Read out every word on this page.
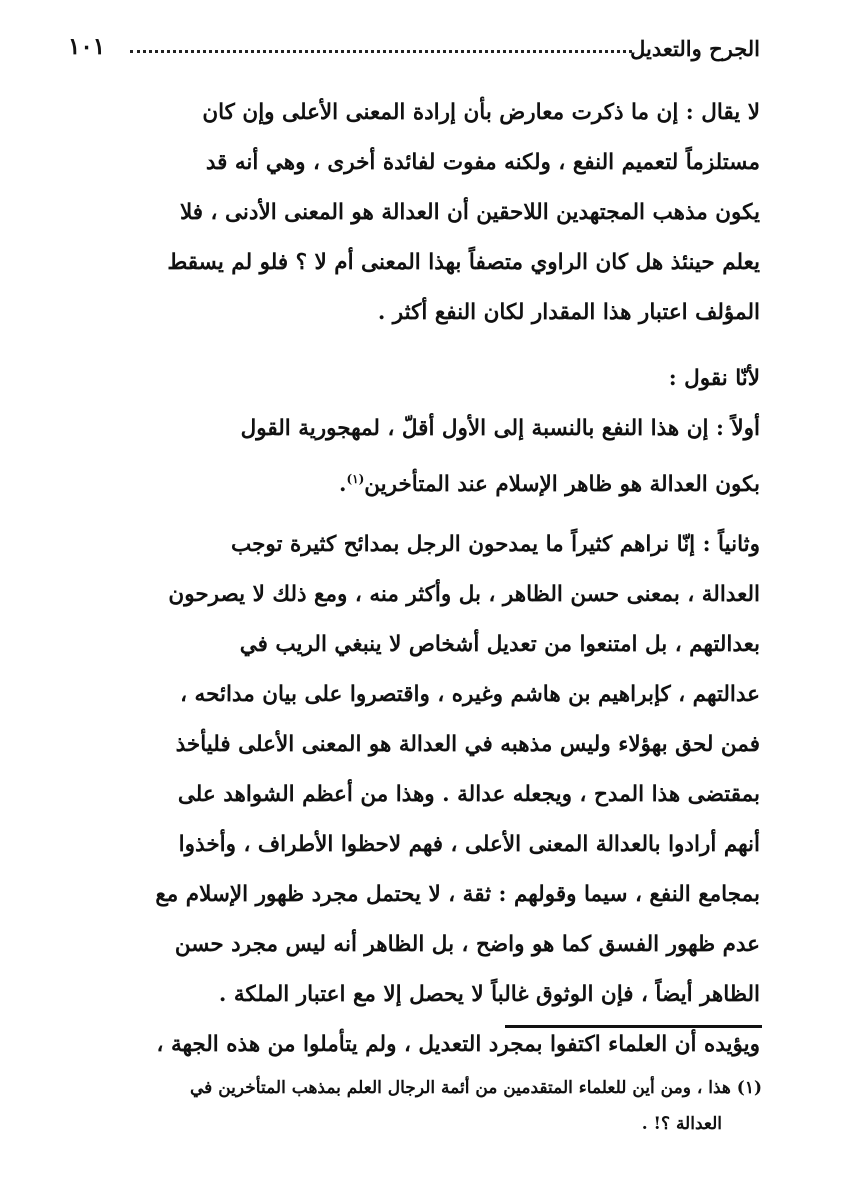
الجرح والتعديل
١٠١
لا يقال : إن ما ذكرت معارض بأن إرادة المعنى الأعلى وإن كان
مستلزماً لتعميم النفع ، ولكنه مفوت لفائدة أخرى ، وهي أنه قد
يكون مذهب المجتهدين اللاحقين أن العدالة هو المعنى الأدنى ، فلا
يعلم حينئذ هل كان الراوي متصفاً بهذا المعنى أم لا ؟ فلو لم يسقط
المؤلف اعتبار هذا المقدار لكان النفع أكثر .
لأنّا نقول :
أولاً : إن هذا النفع بالنسبة إلى الأول أقلّ ، لمهجورية القول
بكون العدالة هو ظاهر الإسلام عند المتأخرين$^{(١)}$.
وثانياً : إنّا نراهم كثيراً ما يمدحون الرجل بمدائح كثيرة توجب
العدالة ، بمعنى حسن الظاهر ، بل وأكثر منه ، ومع ذلك لا يصرحون
بعدالتهم ، بل امتنعوا من تعديل أشخاص لا ينبغي الريب في
عدالتهم ، كإبراهيم بن هاشم وغيره ، واقتصروا على بيان مدائحه ،
فمن لحق بهؤلاء وليس مذهبه في العدالة هو المعنى الأعلى فليأخذ
بمقتضى هذا المدح ، ويجعله عدالة . وهذا من أعظم الشواهد على
أنهم أرادوا بالعدالة المعنى الأعلى ، فهم لاحظوا الأطراف ، وأخذوا
بمجامع النفع ، سيما وقولهم : ثقة ، لا يحتمل مجرد ظهور الإسلام مع
عدم ظهور الفسق كما هو واضح ، بل الظاهر أنه ليس مجرد حسن
الظاهر أيضاً ، فإن الوثوق غالباً لا يحصل إلا مع اعتبار الملكة .
ويؤيده أن العلماء اكتفوا بمجرد التعديل ، ولم يتأملوا من هذه الجهة ،
(١) هذا ، ومن أين للعلماء المتقدمين من أئمة الرجال العلم بمذهب المتأخرين في
العدالة ؟! .
